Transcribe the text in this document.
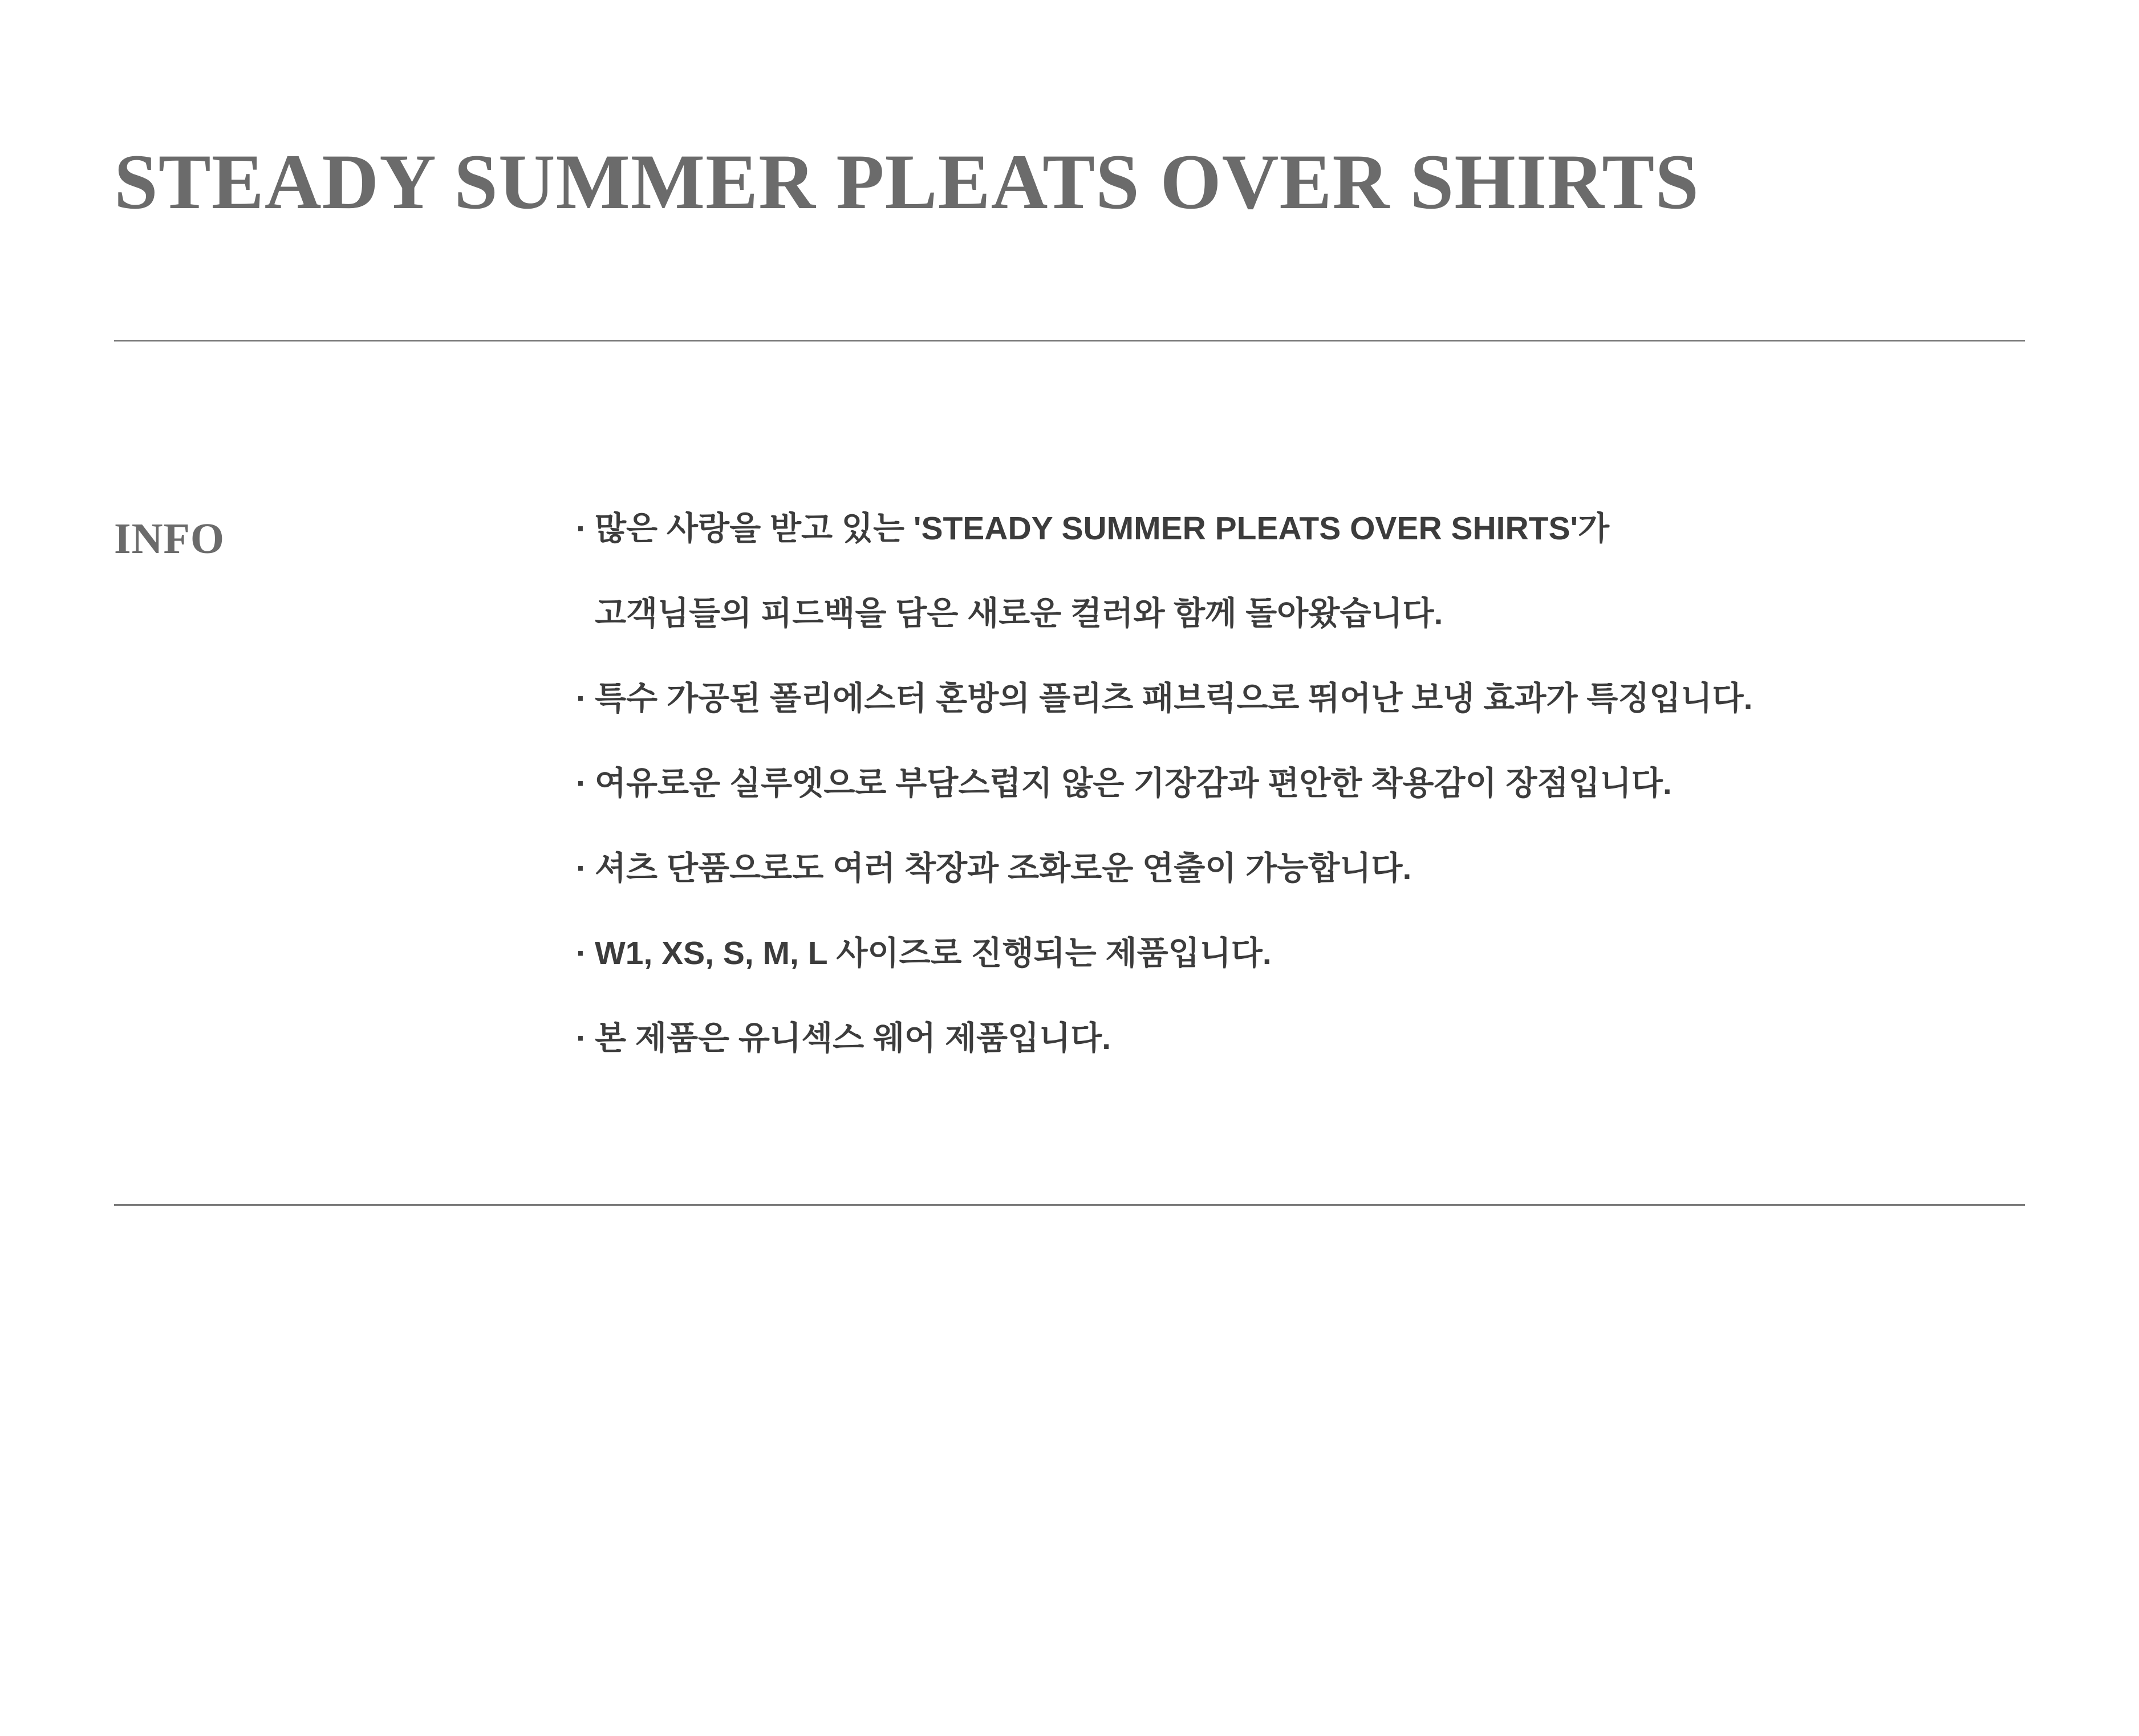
STEADY SUMMER PLEATS OVER SHIRTS
INFO	· 많은 사랑을 받고 있는 'STEADY SUMMER PLEATS OVER SHIRTS'가
고객님들의 피드백을 담은 새로운 컬러와 함께 돌아왔습니다.
· 특수 가공된 폴리에스터 혼방의 플리츠 패브릭으로 뛰어난 보냉 효과가 특징입니다.
· 여유로운 실루엣으로 부담스럽지 않은 기장감과 편안한 착용감이 장점입니다.
· 셔츠 단품으로도 여러 착장과 조화로운 연출이 가능합니다.
· W1, XS, S, M, L 사이즈로 진행되는 제품입니다.
· 본 제품은 유니섹스 웨어 제품입니다.
